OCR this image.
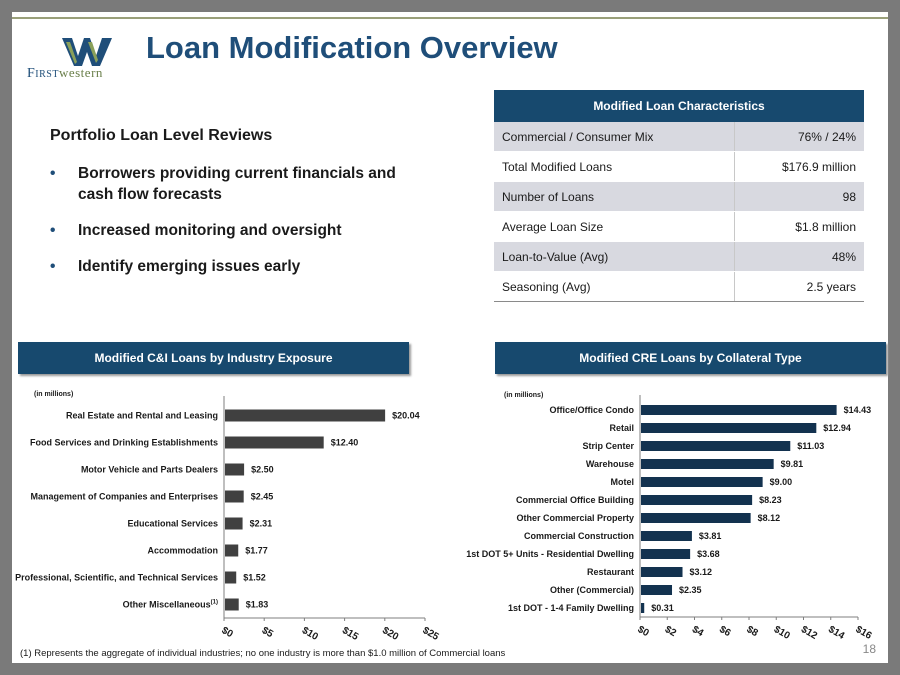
Firstwestern
Loan Modification Overview
Portfolio Loan Level Reviews
• Borrowers providing current financials and cash flow forecasts
• Increased monitoring and oversight
• Identify emerging issues early
Modified Loan Characteristics	
Commercial / Consumer Mix	76% / 24%
Total Modified Loans	$176.9 million
Number of Loans	98
Average Loan Size	$1.8 million
Loan-to-Value (Avg)	48%
Seasoning (Avg)	2.5 years
Modified C&I Loans by Industry Exposure	Modified CRE Loans by Collateral Type
(in millions)
Real Estate and Rental and Leasing	$20.04
Food Services and Drinking Establishments	$12.40
Motor Vehicle and Parts Dealers	$2.50
Management of Companies and Enterprises	$2.45
Educational Services	$2.31
Accommodation	$1.77
Professional, Scientific, and Technical Services	$1.52
Other Miscellaneous$^{(1)}$	$1.83
$0	$5	$10 $15 $20 $25
(in millions)
Office/Office Condo	$14.43
Retail	$12.94
Strip Center	$11.03
Warehouse	$9.81
Motel	$9.00
Commercial Office Building	$8.23
Other Commercial Property	$8.12
Commercial Construction	$3.81
1st DOT 5+ Units - Residential Dwelling	$3.68
Restaurant	$3.12
Other (Commercial)	$2.35
1st DOT - 1-4 Family Dwelling $0.31
$0 $2 $4 $6 $8 $10 $12 $14 $16
(1) Represents the aggregate of individual industries; no one industry is more than $1.0 million of Commercial loans	18
